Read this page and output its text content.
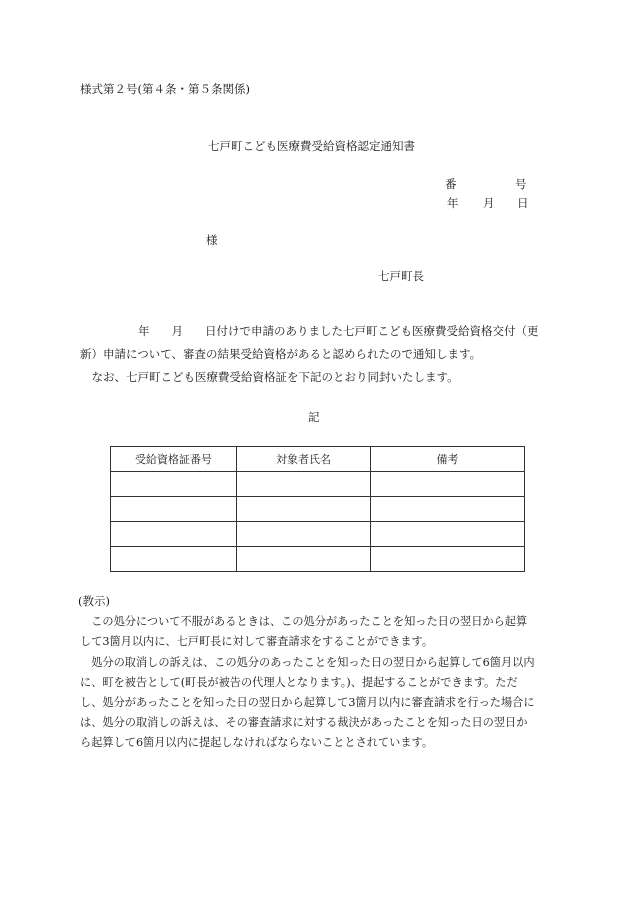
様式第２号(第４条・第５条関係)
七戸町こども医療費受給資格認定通知書
番	号
年 月 日
様
七戸町長
年 月 日付けで申請のありました七戸町こども医療費受給資格交付（更
新）申請について、審査の結果受給資格があると認められたので通知します。
　なお、七戸町こども医療費受給資格証を下記のとおり同封いたします。
記
受給資格証番号	対象者氏名	備考

(教示)
　この処分について不服があるときは、この処分があったことを知った日の翌日から起算
して3箇月以内に、七戸町長に対して審査請求をすることができます。
　処分の取消しの訴えは、この処分のあったことを知った日の翌日から起算して6箇月以内
に、町を被告として(町長が被告の代理人となります。)、提起することができます。ただ
し、処分があったことを知った日の翌日から起算して3箇月以内に審査請求を行った場合に
は、処分の取消しの訴えは、その審査請求に対する裁決があったことを知った日の翌日か
ら起算して6箇月以内に提起しなければならないこととされています。
